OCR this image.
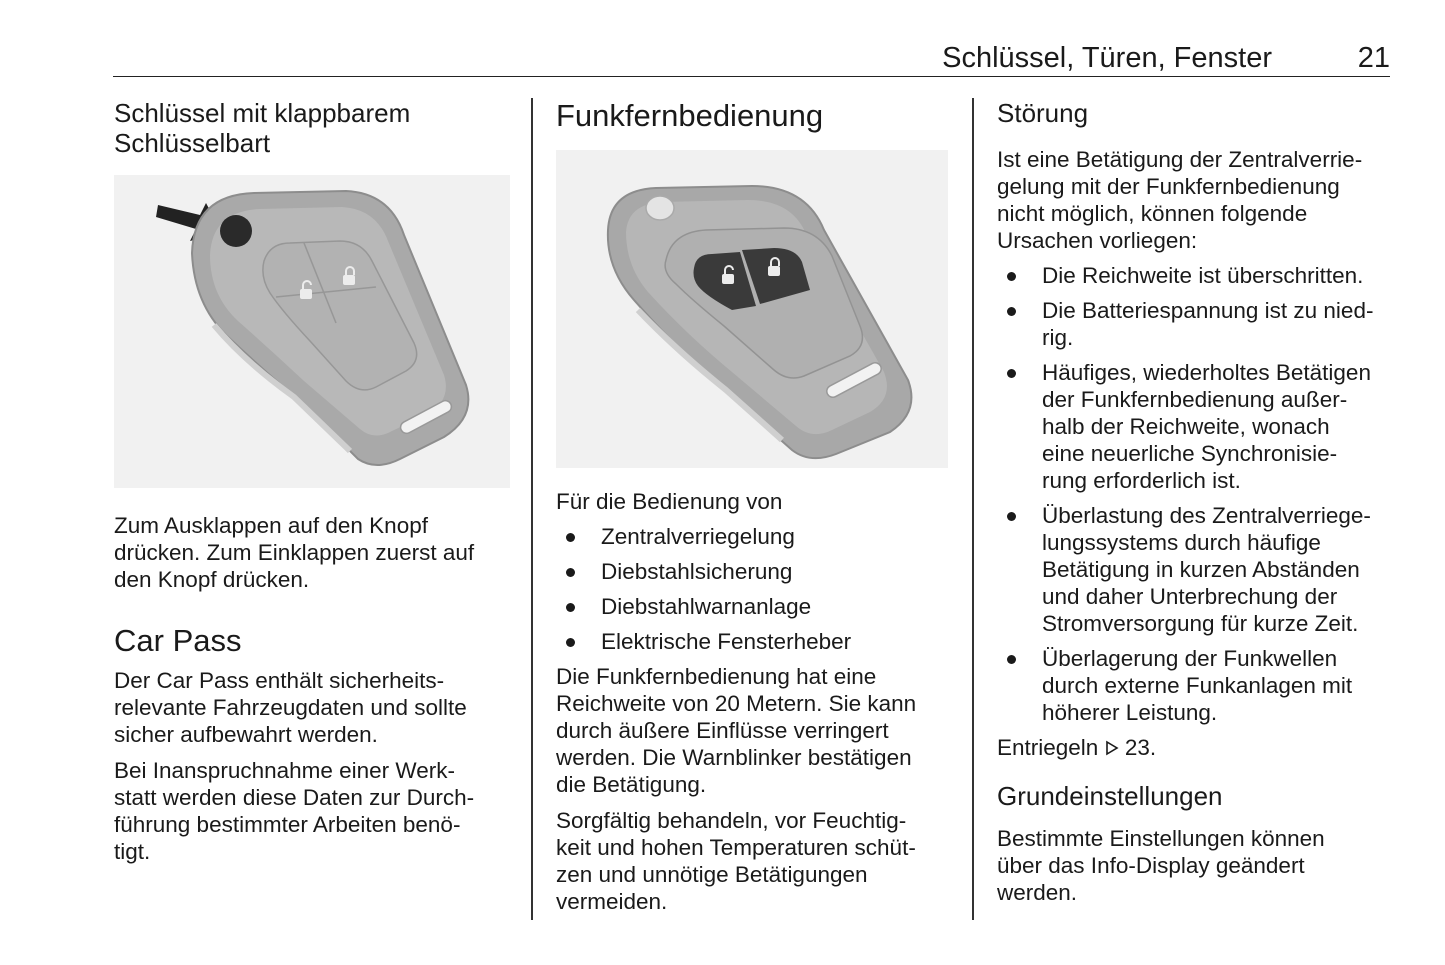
Schlüssel, Türen, Fenster	21
Schlüssel mit klappbarem
Schlüsselbart

Zum Ausklappen auf den Knopf
drücken. Zum Einklappen zuerst auf
den Knopf drücken.

Car Pass

Der Car Pass enthält sicherheits-
relevante Fahrzeugdaten und sollte
sicher aufbewahrt werden.

Bei Inanspruchnahme einer Werk-
statt werden diese Daten zur Durch-
führung bestimmter Arbeiten benö-
tigt.

Funkfernbedienung

Für die Bedienung von

Zentralverriegelung
Diebstahlsicherung
Diebstahlwarnanlage
Elektrische Fensterheber

Die Funkfernbedienung hat eine
Reichweite von 20 Metern. Sie kann
durch äußere Einflüsse verringert
werden. Die Warnblinker bestätigen
die Betätigung.

Sorgfältig behandeln, vor Feuchtig-
keit und hohen Temperaturen schüt-
zen und unnötige Betätigungen
vermeiden.

Störung

Ist eine Betätigung der Zentralverrie-
gelung mit der Funkfernbedienung
nicht möglich, können folgende
Ursachen vorliegen:

Die Reichweite ist überschritten.
Die Batteriespannung ist zu nied-
rig.
Häufiges, wiederholtes Betätigen
der Funkfernbedienung außer-
halb der Reichweite, wonach
eine neuerliche Synchronisie-
rung erforderlich ist.
Überlastung des Zentralverriege-
lungssystems durch häufige
Betätigung in kurzen Abständen
und daher Unterbrechung der
Stromversorgung für kurze Zeit.
Überlagerung der Funkwellen
durch externe Funkanlagen mit
höherer Leistung.

Entriegeln 23.

Grundeinstellungen

Bestimmte Einstellungen können
über das Info-Display geändert
werden.
